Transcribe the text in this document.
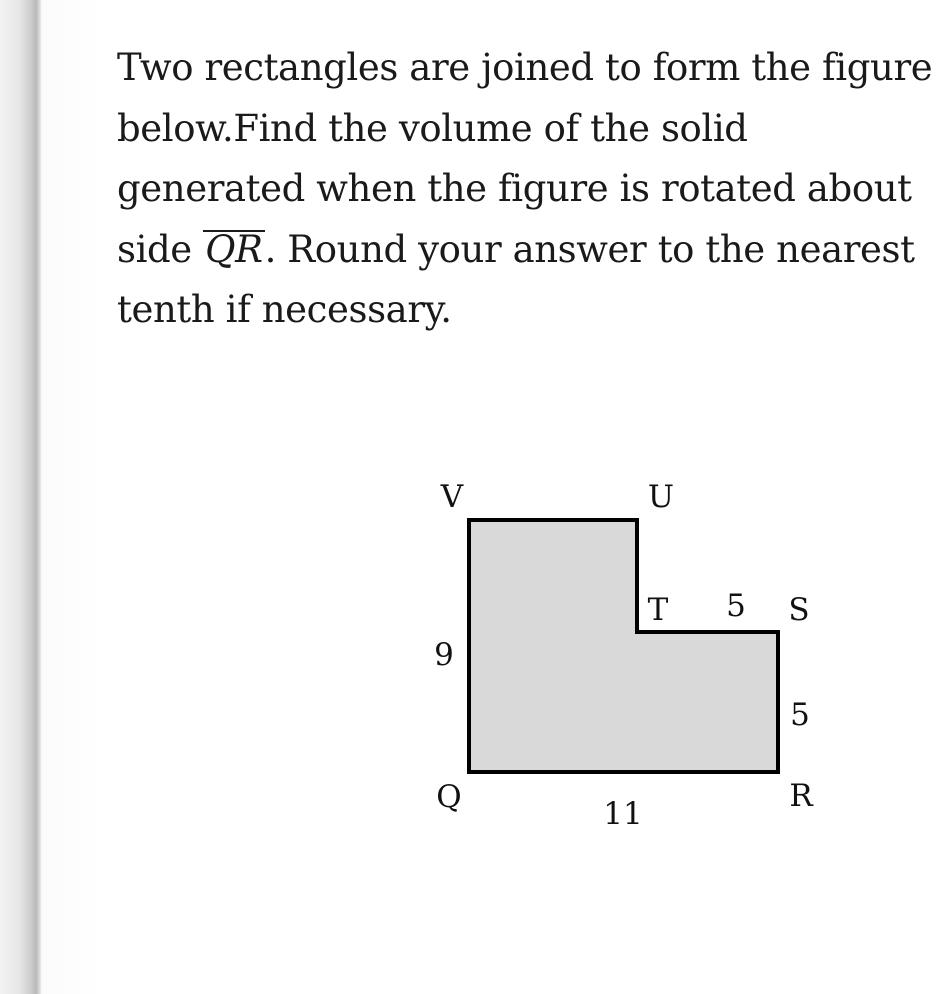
Two rectangles are joined to form the figure
below.Find the volume of the solid
generated when the figure is rotated about
side QR. Round your answer to the nearest
tenth if necessary.
V	U
T 5 S
9
5
Q	R
11
